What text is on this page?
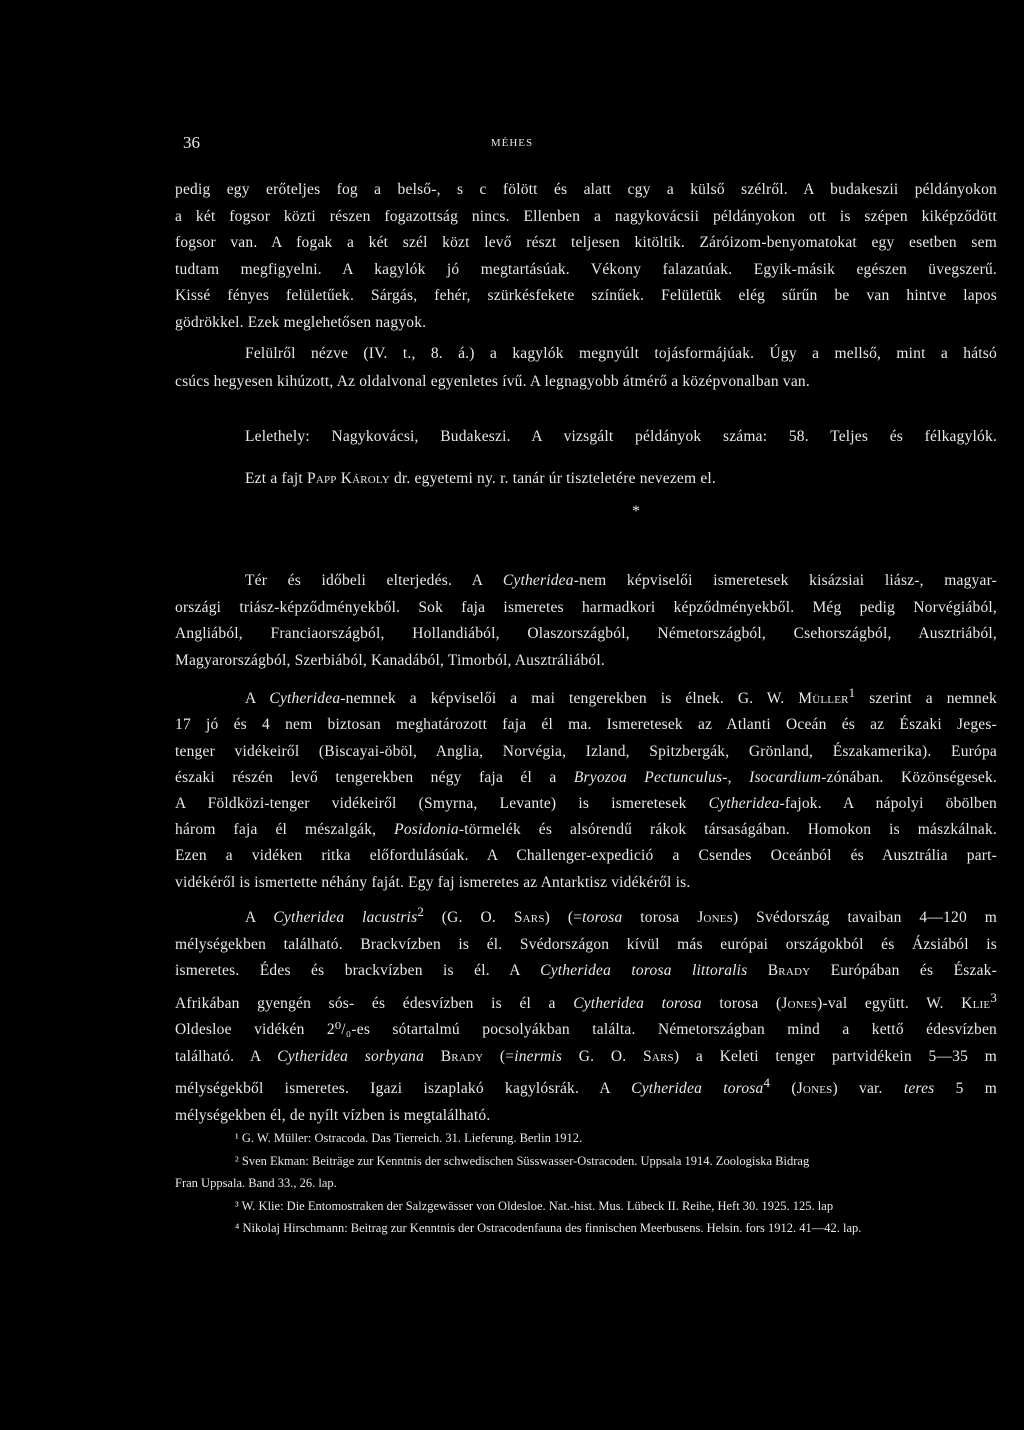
36	MÉHES
pedig egy erőteljes fog a belső-, s c fölött és alatt cgy a külső szélről. A budakeszii példányokon
a két fogsor közti részen fogazottság nincs. Ellenben a nagykovácsii példányokon ott is szépen kiképződött
fogsor van. A fogak a két szél közt levő részt teljesen kitöltik. Záróizom-benyomatokat egy esetben sem
tudtam megfigyelni. A kagylók jó megtartásúak. Vékony falazatúak. Egyik-másik egészen üvegszerű.
Kissé fényes felületűek. Sárgás, fehér, szürkésfekete színűek. Felületük elég sűrűn be van hintve lapos
gödrökkel. Ezek meglehetősen nagyok.
Felülről nézve (IV. t., 8. á.) a kagylók megnyúlt tojásformájúak. Úgy a mellső, mint a hátsó
csúcs hegyesen kihúzott, Az oldalvonal egyenletes ívű. A legnagyobb átmérő a középvonalban van.
Lelethely: Nagykovácsi, Budakeszi. A vizsgált példányok száma: 58. Teljes és félkagylók.
Ezt a fajt Papp Károly dr. egyetemi ny. r. tanár úr tiszteletére nevezem el.
*
Tér és időbeli elterjedés. A Cytheridea-nem képviselői ismeretesek kisázsiai liász-, magyar-
országi triász-képződményekből. Sok faja ismeretes harmadkori képződményekből. Még pedig Norvégiából,
Angliából, Franciaországból, Hollandiából, Olaszországból, Németországból, Csehországból, Ausztriából,
Magyarországból, Szerbiából, Kanadából, Timorból, Ausztráliából.
A Cytheridea-nemnek a képviselői a mai tengerekben is élnek. G. W. Müller$^1$ szerint a nemnek
17 jó és 4 nem biztosan meghatározott faja él ma. Ismeretesek az Atlanti Oceán és az Északi Jeges-
tenger vidékeiről (Biscayai-öböl, Anglia, Norvégia, Izland, Spitzbergák, Grönland, Északamerika). Európa
északi részén levő tengerekben négy faja él a Bryozoa Pectunculus-, Isocardium-zónában. Közönségesek.
A Földközi-tenger vidékeiről (Smyrna, Levante) is ismeretesek Cytheridea-fajok. A nápolyi öbölben
három faja él mészalgák, Posidonia-törmelék és alsórendű rákok társaságában. Homokon is mászkálnak.
Ezen a vidéken ritka előfordulásúak. A Challenger-expedició a Csendes Oceánból és Ausztrália part-
vidékéről is ismertette néhány faját. Egy faj ismeretes az Antarktisz vidékéről is.
A Cytheridea lacustris$^2$ (G. O. Sars) (=torosa torosa Jones) Svédország tavaiban 4—120 m
mélységekben található. Brackvízben is él. Svédországon kívül más európai országokból és Ázsiából is
ismeretes. Édes és brackvízben is él. A Cytheridea torosa littoralis Brady Európában és Észak-
Afrikában gyengén sós- és édesvízben is él a Cytheridea torosa torosa (Jones)-val együtt. W. Klie$^3$
Oldesloe vidékén 2⁰/₀-es sótartalmú pocsolyákban találta. Németországban mind a kettő édesvízben
található. A Cytheridea sorbyana Brady (=inermis G. O. Sars) a Keleti tenger partvidékein 5—35 m
mélységekből ismeretes. Igazi iszaplakó kagylósrák. A Cytheridea torosa$^4$ (Jones) var. teres 5 m
mélységekben él, de nyílt vízben is megtalálható.
¹ G. W. Müller: Ostracoda. Das Tierreich. 31. Lieferung. Berlin 1912.
² Sven Ekman: Beiträge zur Kenntnis der schwedischen Süsswasser-Ostracoden. Uppsala 1914. Zoologiska Bidrag
Fran Uppsala. Band 33., 26. lap.
³ W. Klie: Die Entomostraken der Salzgewässer von Oldesloe. Nat.-hist. Mus. Lübeck II. Reihe, Heft 30. 1925. 125. lap
⁴ Nikolaj Hirschmann: Beitrag zur Kenntnis der Ostracodenfauna des finnischen Meerbusens. Helsin. fors 1912. 41—42. lap.
